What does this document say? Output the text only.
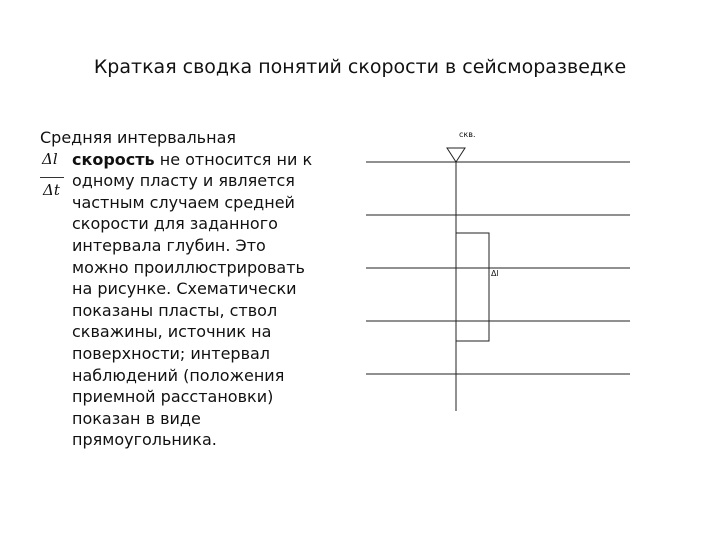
Краткая сводка понятий скорости в сейсморазведке
Средняя интервальная
скорость не относится ни к
одному пласту и является
частным случаем средней
скорости для заданного
интервала глубин. Это
можно проиллюстрировать
на рисунке. Схематически
показаны пласты, ствол
скважины, источник на
поверхности; интервал
наблюдений (положения
приемной расстановки)
показан в виде
прямоугольника.
Δl
Δt
скв.
Δl
